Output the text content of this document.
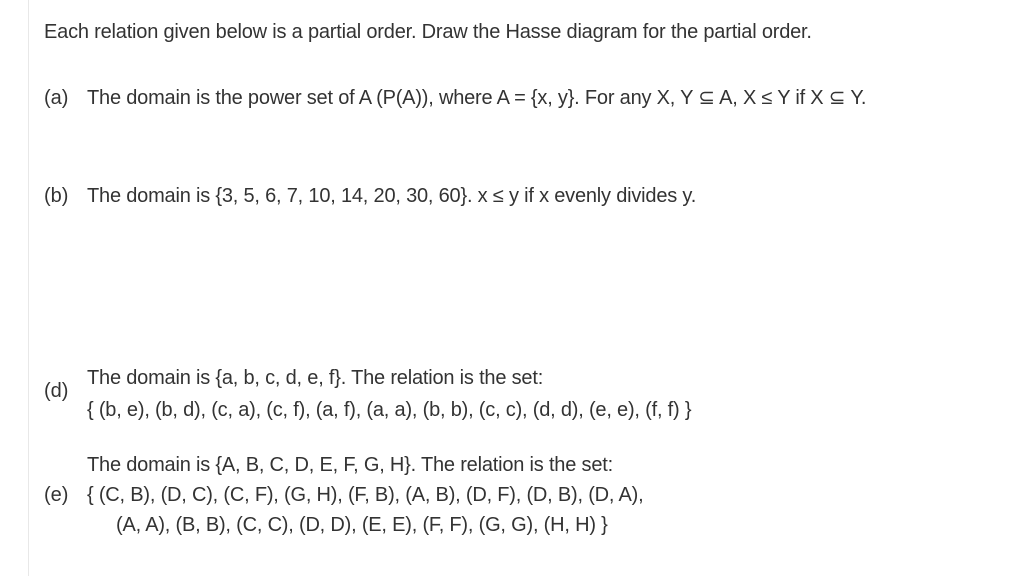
Each relation given below is a partial order. Draw the Hasse diagram for the partial order.
(a) The domain is the power set of A (P(A)), where A = {x, y}. For any X, Y ⊆ A, X ≤ Y if X ⊆ Y.
(b) The domain is {3, 5, 6, 7, 10, 14, 20, 30, 60}. x ≤ y if x evenly divides y.
(d)
The domain is {a, b, c, d, e, f}. The relation is the set:
{ (b, e), (b, d), (c, a), (c, f), (a, f), (a, a), (b, b), (c, c), (d, d), (e, e), (f, f) }
The domain is {A, B, C, D, E, F, G, H}. The relation is the set:
(e) { (C, B), (D, C), (C, F), (G, H), (F, B), (A, B), (D, F), (D, B), (D, A),
(A, A), (B, B), (C, C), (D, D), (E, E), (F, F), (G, G), (H, H) }
